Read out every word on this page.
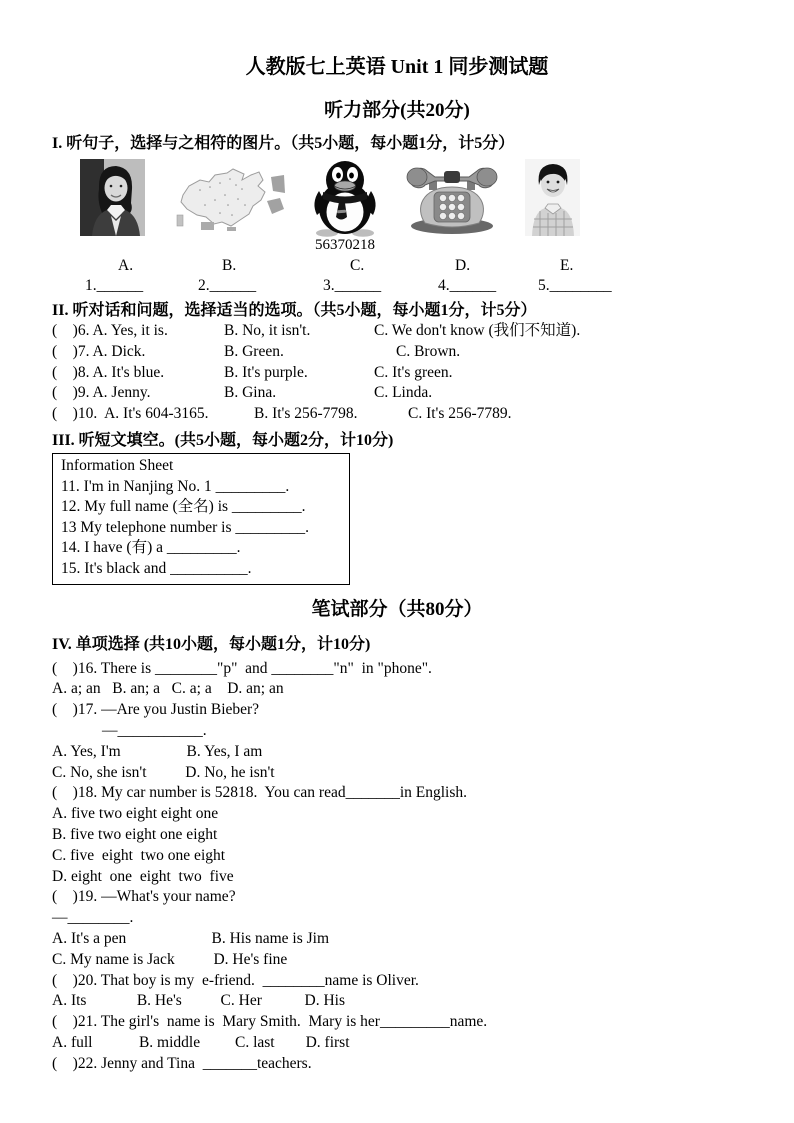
人教版七上英语 Unit 1 同步测试题
听力部分(共20分)
I. 听句子，选择与之相符的图片。（共5小题，每小题1分，计5分）
56370218
A.	B.	C.	D.	E.
1.______	2.______	3.______	4.______	5.________
II. 听对话和问题，选择适当的选项。（共5小题，每小题1分，计5分）
(    )6. A. Yes, it is.	B. No, it isn't.	C. We don't know (我们不知道).
(    )7. A. Dick.	B. Green.	C. Brown.
(    )8. A. It's blue.	B. It's purple.	C. It's green.
(    )9. A. Jenny.	B. Gina.	C. Linda.
(    )10.  A. It's 604-3165.	B. It's 256-7798.	C. It's 256-7789.
III. 听短文填空。(共5小题，每小题2分，计10分)
Information Sheet
11. I'm in Nanjing No. 1 _________.
12. My full name (全名) is _________.
13 My telephone number is _________.
14. I have (有) a _________.
15. It's black and __________.
笔试部分（共80分）
IV. 单项选择 (共10小题，每小题1分，计10分)
(    )16. There is ________"p"  and ________"n"  in "phone".
A. a; an   B. an; a   C. a; a    D. an; an
(    )17. —Are you Justin Bieber?
—___________.
A. Yes, I'm                 B. Yes, I am
C. No, she isn't          D. No, he isn't
(    )18. My car number is 52818.  You can read_______in English.
A. five two eight eight one
B. five two eight one eight
C. five  eight  two one eight
D. eight  one  eight  two  five
(    )19. —What's your name?
—________.
A. It's a pen                      B. His name is Jim
C. My name is Jack          D. He's fine
(    )20. That boy is my  e-friend.  ________name is Oliver.
A. Its             B. He's          C. Her           D. His
(    )21. The girl's  name is  Mary Smith.  Mary is her_________name.
A. full            B. middle         C. last        D. first
(    )22. Jenny and Tina  _______teachers.
